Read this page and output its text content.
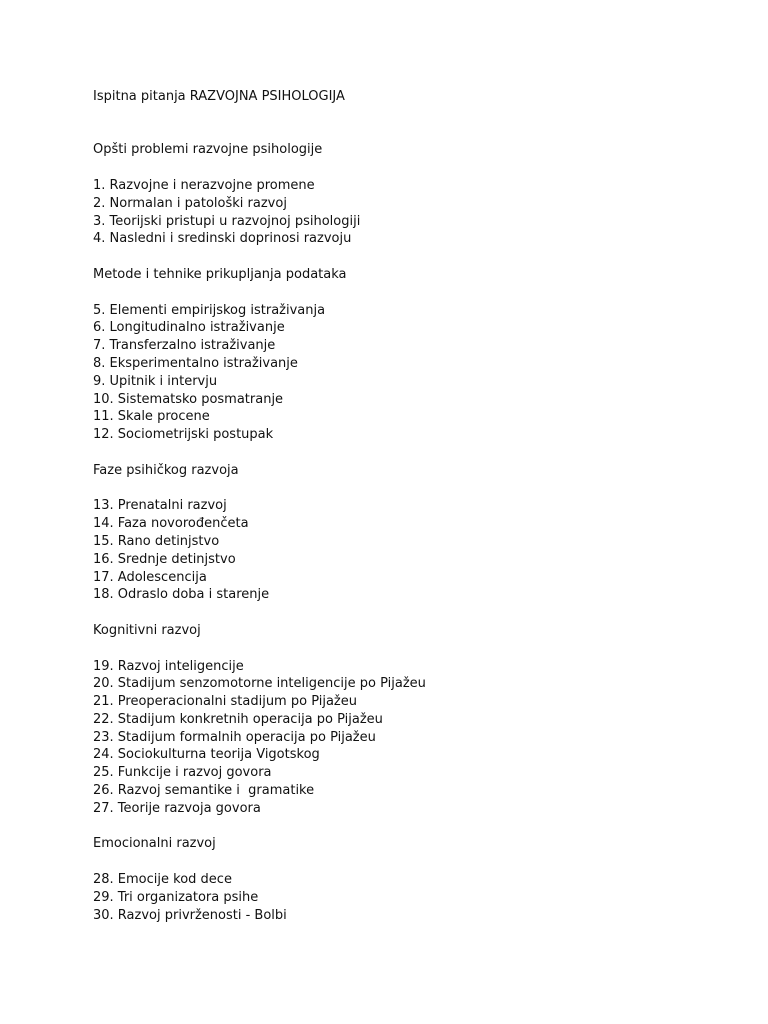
Ispitna pitanja RAZVOJNA PSIHOLOGIJA
Opšti problemi razvojne psihologije
1. Razvojne i nerazvojne promene
2. Normalan i patološki razvoj
3. Teorijski pristupi u razvojnoj psihologiji
4. Nasledni i sredinski doprinosi razvoju
Metode i tehnike prikupljanja podataka
5. Elementi empirijskog istraživanja
6. Longitudinalno istraživanje
7. Transferzalno istraživanje
8. Eksperimentalno istraživanje
9. Upitnik i intervju
10. Sistematsko posmatranje
11. Skale procene
12. Sociometrijski postupak
Faze psihičkog razvoja
13. Prenatalni razvoj
14. Faza novorođenčeta
15. Rano detinjstvo
16. Srednje detinjstvo
17. Adolescencija
18. Odraslo doba i starenje
Kognitivni razvoj
19. Razvoj inteligencije
20. Stadijum senzomotorne inteligencije po Pijažeu
21. Preoperacionalni stadijum po Pijažeu
22. Stadijum konkretnih operacija po Pijažeu
23. Stadijum formalnih operacija po Pijažeu
24. Sociokulturna teorija Vigotskog
25. Funkcije i razvoj govora
26. Razvoj semantike i  gramatike
27. Teorije razvoja govora
Emocionalni razvoj
28. Emocije kod dece
29. Tri organizatora psihe
30. Razvoj privrženosti - Bolbi
